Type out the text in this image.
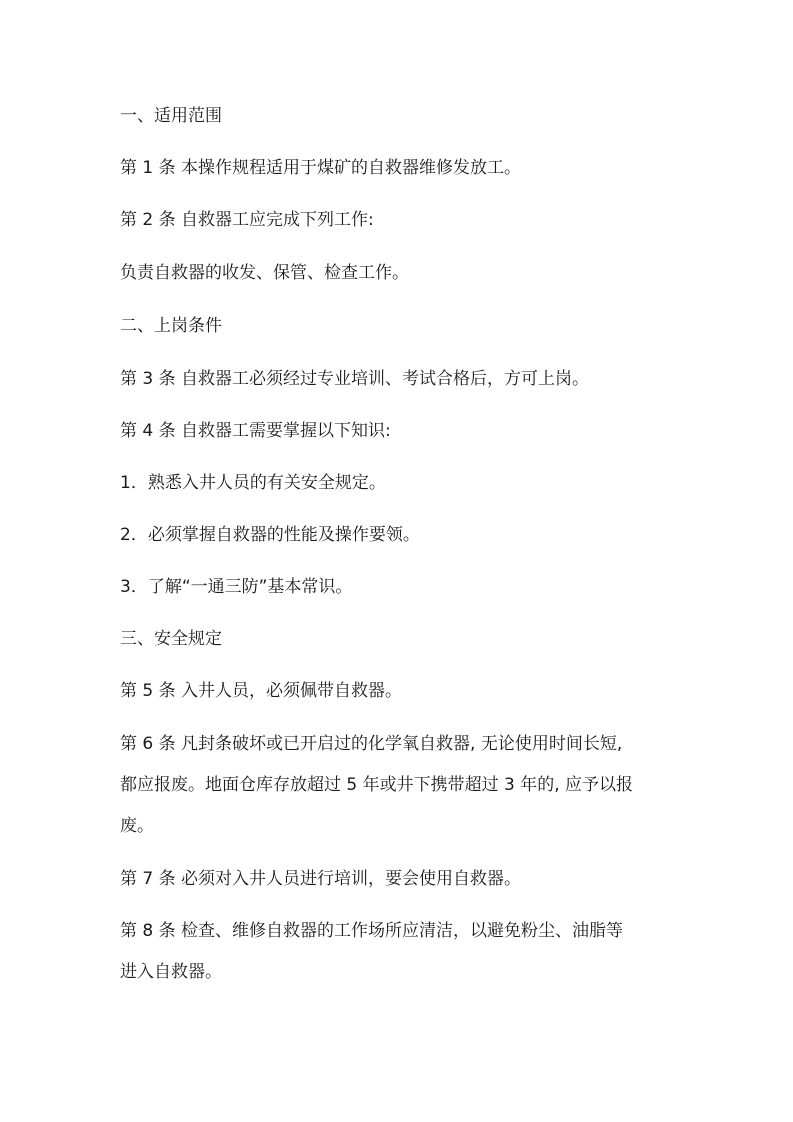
一、适用范围

第 1 条 本操作规程适用于煤矿的自救器维修发放工。

第 2 条 自救器工应完成下列工作:

负责自救器的收发、保管、检查工作。

二、上岗条件

第 3 条 自救器工必须经过专业培训、考试合格后，方可上岗。

第 4 条 自救器工需要掌握以下知识:

1．熟悉入井人员的有关安全规定。

2．必须掌握自救器的性能及操作要领。

3．了解“一通三防”基本常识。

三、安全规定

第 5 条 入井人员，必须佩带自救器。

第 6 条 凡封条破坏或已开启过的化学氧自救器, 无论使用时间长短,

都应报废。地面仓库存放超过 5 年或井下携带超过 3 年的, 应予以报

废。

第 7 条 必须对入井人员进行培训，要会使用自救器。

第 8 条 检查、维修自救器的工作场所应清洁，以避免粉尘、油脂等

进入自救器。
